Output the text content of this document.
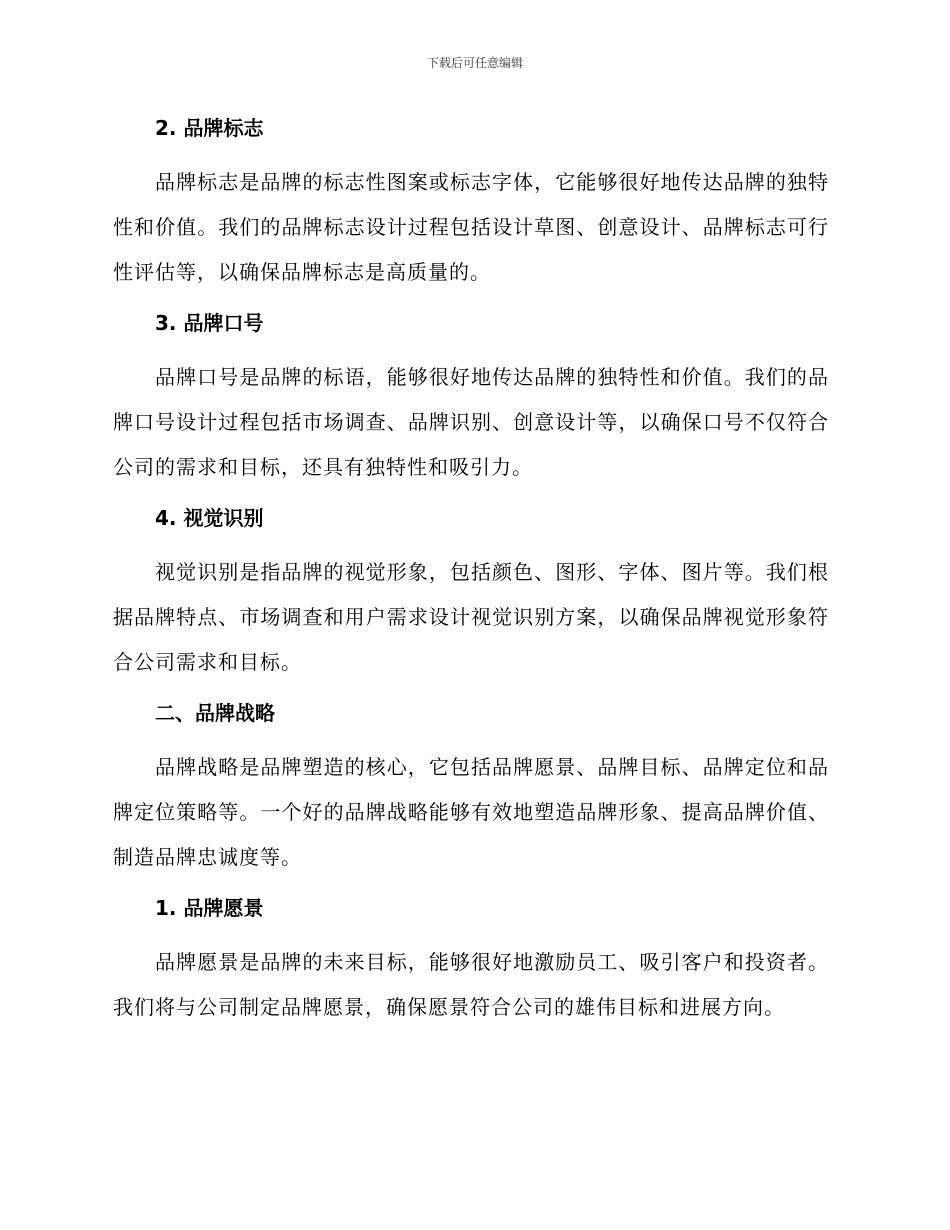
下载后可任意编辑
2. 品牌标志

品牌标志是品牌的标志性图案或标志字体，它能够很好地传达品牌的独特性和价值。我们的品牌标志设计过程包括设计草图、创意设计、品牌标志可行性评估等，以确保品牌标志是高质量的。

3. 品牌口号

品牌口号是品牌的标语，能够很好地传达品牌的独特性和价值。我们的品牌口号设计过程包括市场调查、品牌识别、创意设计等，以确保口号不仅符合公司的需求和目标，还具有独特性和吸引力。

4. 视觉识别

视觉识别是指品牌的视觉形象，包括颜色、图形、字体、图片等。我们根据品牌特点、市场调查和用户需求设计视觉识别方案，以确保品牌视觉形象符合公司需求和目标。

二、品牌战略

品牌战略是品牌塑造的核心，它包括品牌愿景、品牌目标、品牌定位和品牌定位策略等。一个好的品牌战略能够有效地塑造品牌形象、提高品牌价值、制造品牌忠诚度等。

1. 品牌愿景

品牌愿景是品牌的未来目标，能够很好地激励员工、吸引客户和投资者。我们将与公司制定品牌愿景，确保愿景符合公司的雄伟目标和进展方向。
